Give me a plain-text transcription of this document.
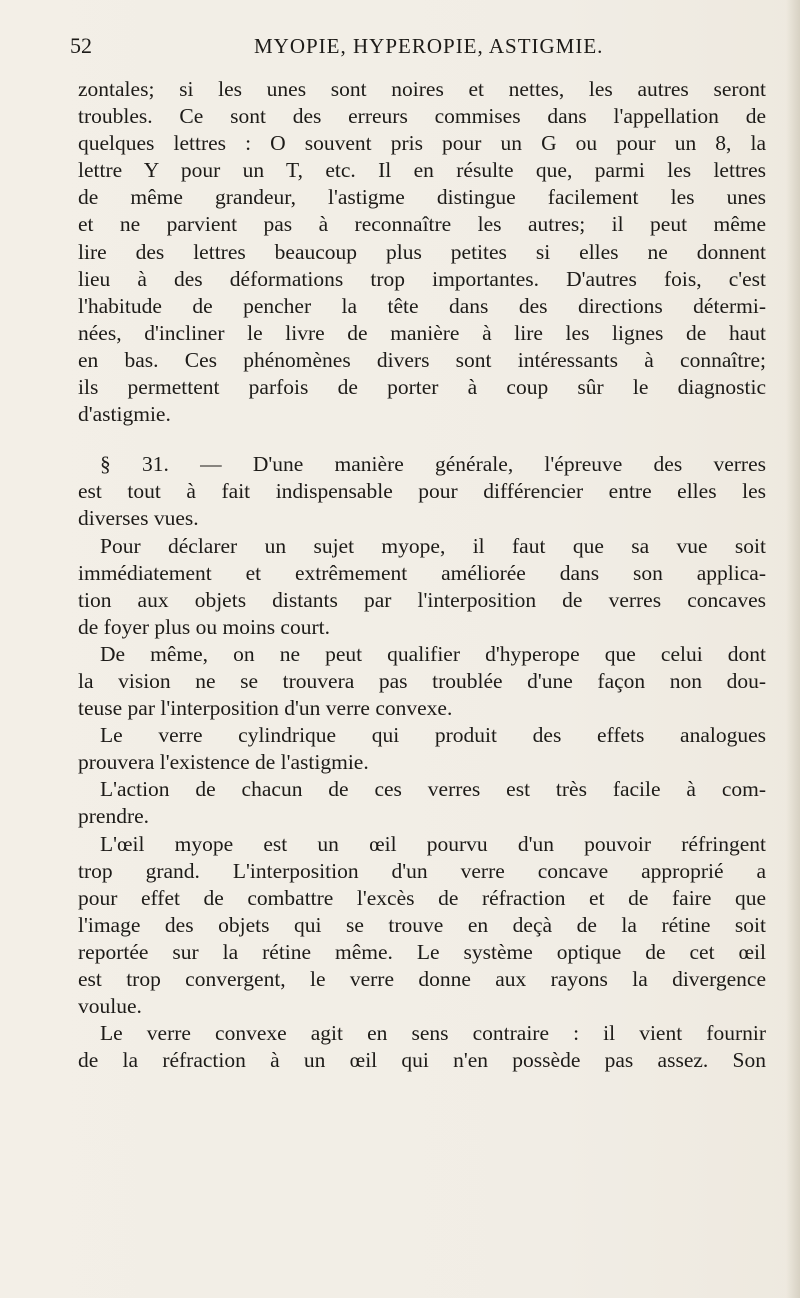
52	MYOPIE, HYPEROPIE, ASTIGMIE.
zontales; si les unes sont noires et nettes, les autres seront
troubles. Ce sont des erreurs commises dans l'appellation de
quelques lettres : O souvent pris pour un G ou pour un 8, la
lettre Y pour un T, etc. Il en résulte que, parmi les lettres
de même grandeur, l'astigme distingue facilement les unes
et ne parvient pas à reconnaître les autres; il peut même
lire des lettres beaucoup plus petites si elles ne donnent
lieu à des déformations trop importantes. D'autres fois, c'est
l'habitude de pencher la tête dans des directions détermi-
nées, d'incliner le livre de manière à lire les lignes de haut
en bas. Ces phénomènes divers sont intéressants à connaître;
ils permettent parfois de porter à coup sûr le diagnostic
d'astigmie.
§ 31. — D'une manière générale, l'épreuve des verres
est tout à fait indispensable pour différencier entre elles les
diverses vues.
Pour déclarer un sujet myope, il faut que sa vue soit
immédiatement et extrêmement améliorée dans son applica-
tion aux objets distants par l'interposition de verres concaves
de foyer plus ou moins court.
De même, on ne peut qualifier d'hyperope que celui dont
la vision ne se trouvera pas troublée d'une façon non dou-
teuse par l'interposition d'un verre convexe.
Le verre cylindrique qui produit des effets analogues
prouvera l'existence de l'astigmie.
L'action de chacun de ces verres est très facile à com-
prendre.
L'œil myope est un œil pourvu d'un pouvoir réfringent
trop grand. L'interposition d'un verre concave approprié a
pour effet de combattre l'excès de réfraction et de faire que
l'image des objets qui se trouve en deçà de la rétine soit
reportée sur la rétine même. Le système optique de cet œil
est trop convergent, le verre donne aux rayons la divergence
voulue.
Le verre convexe agit en sens contraire : il vient fournir
de la réfraction à un œil qui n'en possède pas assez. Son
